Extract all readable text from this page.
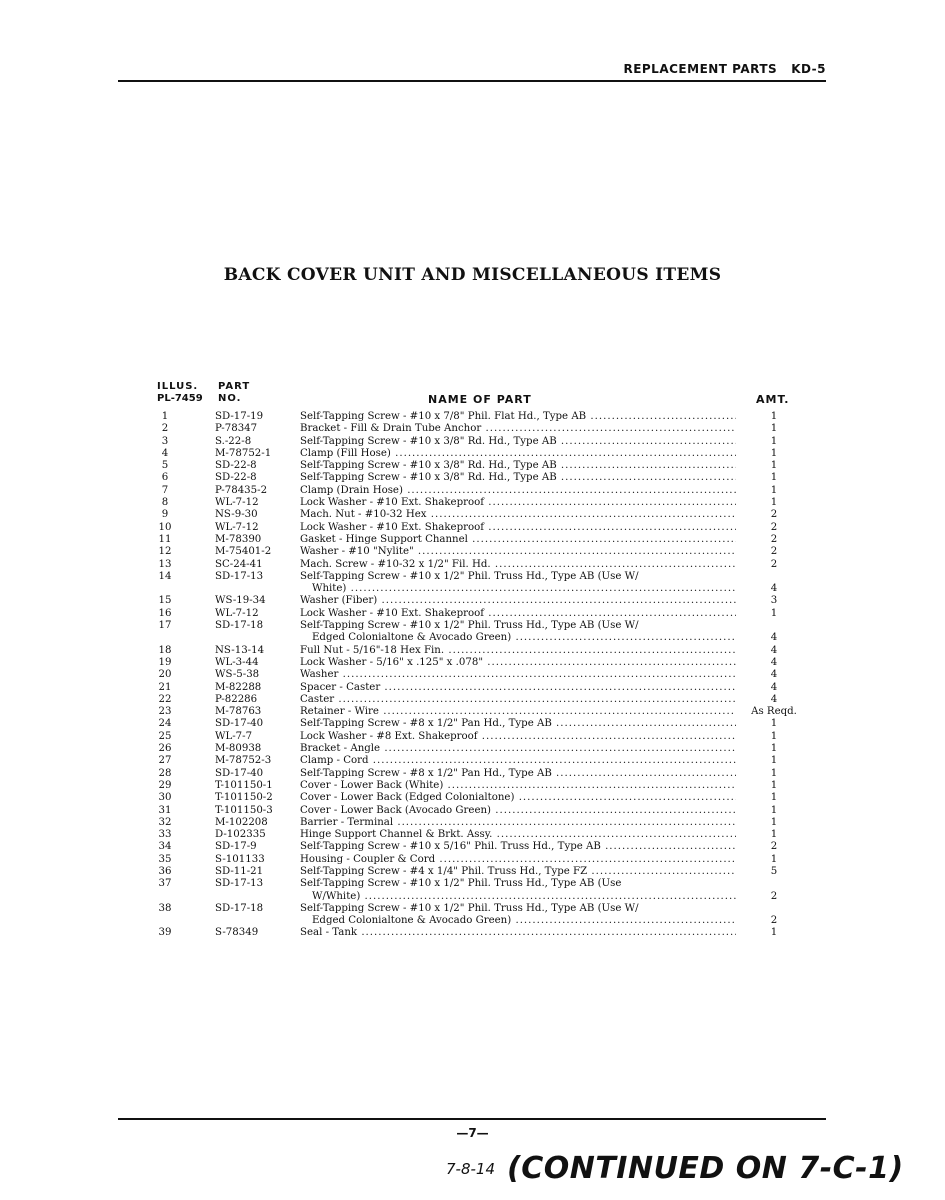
REPLACEMENT PARTS KD-5
BACK COVER UNIT AND MISCELLANEOUS ITEMS
ILLUS.
PL-7459
PART
NO.	NAME OF PART	AMT.
1	SD-17-19	Self-Tapping Screw - #10 x 7/8" Phil. Flat Hd., Type AB .....	1
2	P-78347	Bracket - Fill & Drain Tube Anchor .....	1
3	S.-22-8	Self-Tapping Screw - #10 x 3/8" Rd. Hd., Type AB .....	1
4	M-78752-1	Clamp (Fill Hose) .....	1
5	SD-22-8	Self-Tapping Screw - #10 x 3/8" Rd. Hd., Type AB .....	1
6	SD-22-8	Self-Tapping Screw - #10 x 3/8" Rd. Hd., Type AB .....	1
7	P-78435-2	Clamp (Drain Hose) .....	1
8	WL-7-12	Lock Washer - #10 Ext. Shakeproof .....	1
9	NS-9-30	Mach. Nut - #10-32 Hex .....	2
10	WL-7-12	Lock Washer - #10 Ext. Shakeproof .....	2
11	M-78390	Gasket - Hinge Support Channel .....	2
12	M-75401-2	Washer - #10 "Nylite" .....	2
13	SC-24-41	Mach. Screw - #10-32 x 1/2" Fil. Hd. .....	2
14	SD-17-13	Self-Tapping Screw - #10 x 1/2" Phil. Truss Hd., Type AB (Use W/
White) .....	4
15	WS-19-34	Washer (Fiber) .....	3
16	WL-7-12	Lock Washer - #10 Ext. Shakeproof .....	1
17	SD-17-18	Self-Tapping Screw - #10 x 1/2" Phil. Truss Hd., Type AB (Use W/
Edged Colonialtone & Avocado Green) .....	4
18	NS-13-14	Full Nut - 5/16"-18 Hex Fin. .....	4
19	WL-3-44	Lock Washer - 5/16" x .125" x .078" .....	4
20	WS-5-38	Washer .....	4
21	M-82288	Spacer - Caster .....	4
22	P-82286	Caster .....	4
23	M-78763	Retainer - Wire .....	As Reqd.
24	SD-17-40	Self-Tapping Screw - #8 x 1/2" Pan Hd., Type AB .....	1
25	WL-7-7	Lock Washer - #8 Ext. Shakeproof .....	1
26	M-80938	Bracket - Angle .....	1
27	M-78752-3	Clamp - Cord .....	1
28	SD-17-40	Self-Tapping Screw - #8 x 1/2" Pan Hd., Type AB .....	1
29	T-101150-1	Cover - Lower Back (White) .....	1
30	T-101150-2	Cover - Lower Back (Edged Colonialtone) .....	1
31	T-101150-3	Cover - Lower Back (Avocado Green) .....	1
32	M-102208	Barrier - Terminal .....	1
33	D-102335	Hinge Support Channel & Brkt. Assy. .....	1
34	SD-17-9	Self-Tapping Screw - #10 x 5/16" Phil. Truss Hd., Type AB .....	2
35	S-101133	Housing - Coupler & Cord .....	1
36	SD-11-21	Self-Tapping Screw - #4 x 1/4" Phil. Truss Hd., Type FZ .....	5
37	SD-17-13	Self-Tapping Screw - #10 x 1/2" Phil. Truss Hd., Type AB (Use
W/White) .....	2
38	SD-17-18	Self-Tapping Screw - #10 x 1/2" Phil. Truss Hd., Type AB (Use W/
Edged Colonialtone & Avocado Green) .....	2
39	S-78349	Seal - Tank .....	1
—7—
7-8-14 (CONTINUED ON 7-C-1)
